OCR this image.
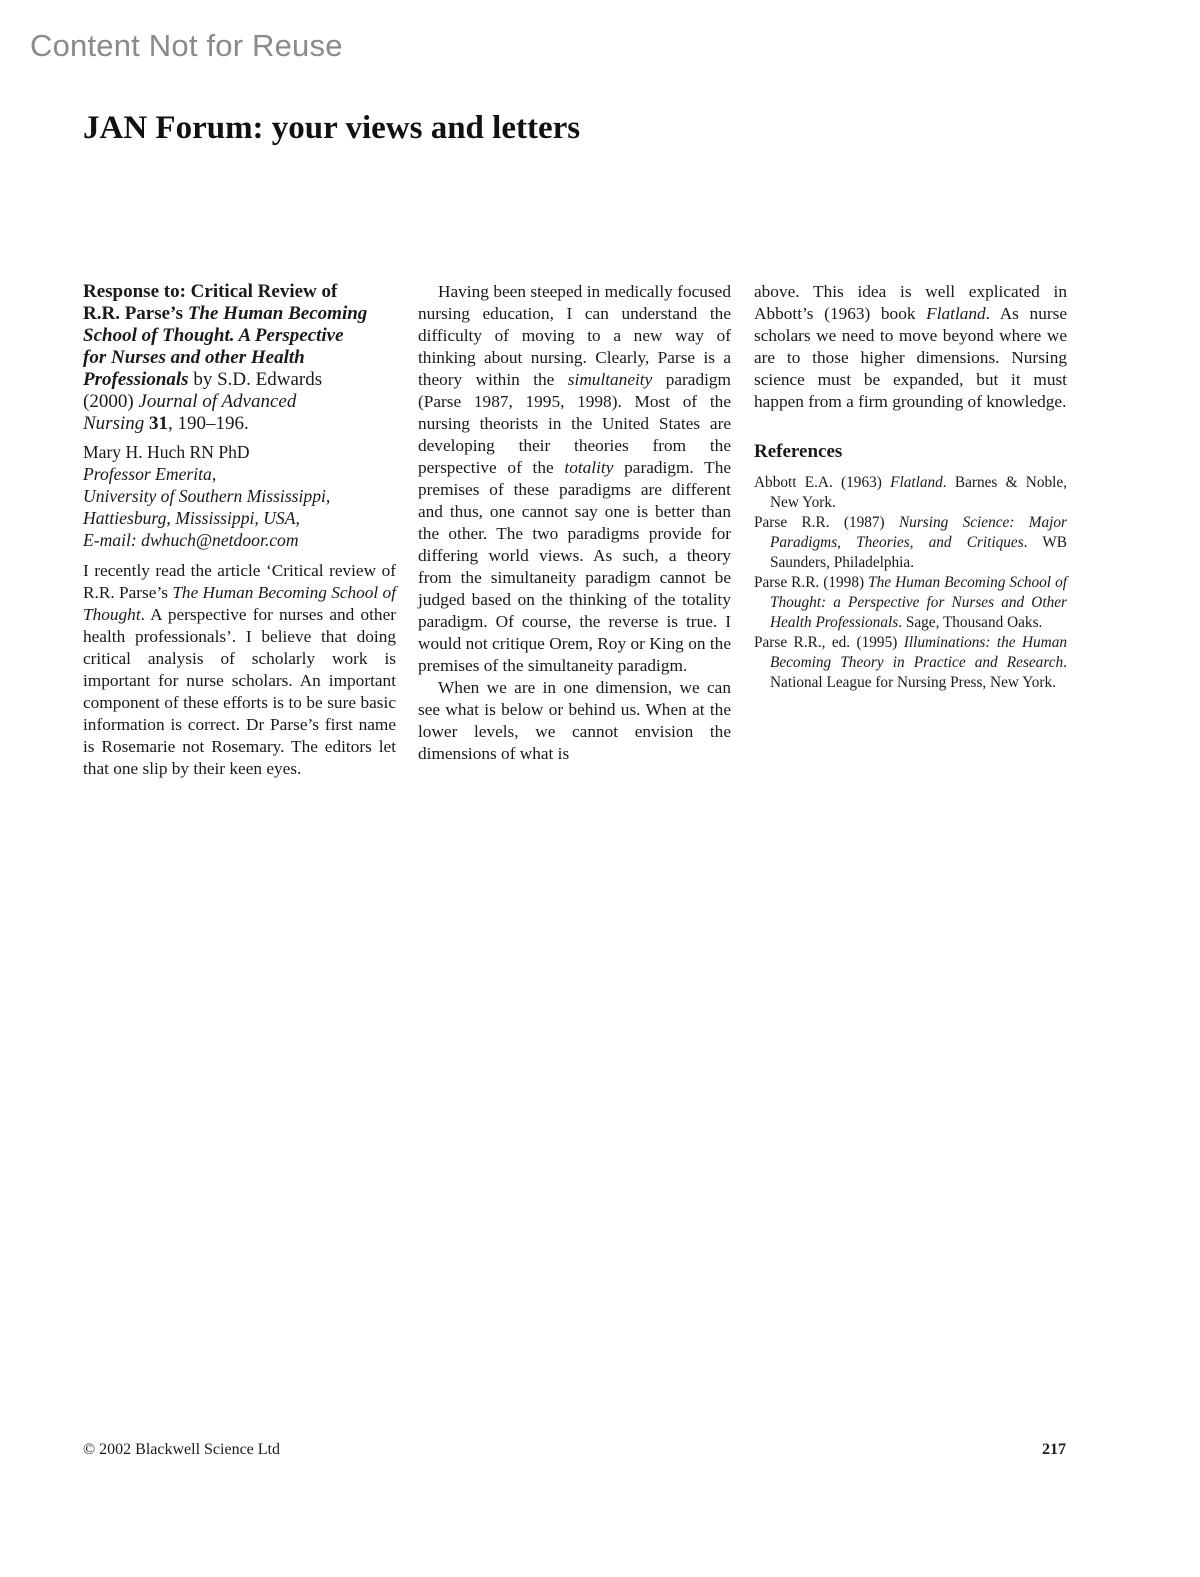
Content Not for Reuse
JAN Forum: your views and letters
Response to: Critical Review of
R.R. Parse’s The Human Becoming
School of Thought. A Perspective
for Nurses and other Health
Professionals by S.D. Edwards
(2000) Journal of Advanced
Nursing 31, 190–196.
Mary H. Huch RN PhD
Professor Emerita,
University of Southern Mississippi,
Hattiesburg, Mississippi, USA,
E-mail: dwhuch@netdoor.com

I recently read the article ‘Critical review of R.R. Parse’s The Human Becoming School of Thought. A perspective for nurses and other health professionals’. I believe that doing critical analysis of scholarly work is important for nurse scholars. An important component of these efforts is to be sure basic information is correct. Dr Parse’s first name is Rosemarie not Rosemary. The editors let that one slip by their keen eyes.

Having been steeped in medically focused nursing education, I can understand the difficulty of moving to a new way of thinking about nursing. Clearly, Parse is a theory within the simultaneity paradigm (Parse 1987, 1995, 1998). Most of the nursing theorists in the United States are developing their theories from the perspective of the totality paradigm. The premises of these paradigms are different and thus, one cannot say one is better than the other. The two paradigms provide for differing world views. As such, a theory from the simultaneity paradigm cannot be judged based on the thinking of the totality paradigm. Of course, the reverse is true. I would not critique Orem, Roy or King on the premises of the simultaneity paradigm.

When we are in one dimension, we can see what is below or behind us. When at the lower levels, we cannot envision the dimensions of what is

above. This idea is well explicated in Abbott’s (1963) book Flatland. As nurse scholars we need to move beyond where we are to those higher dimensions. Nursing science must be expanded, but it must happen from a firm grounding of knowledge.

References
Abbott E.A. (1963) Flatland. Barnes & Noble, New York.
Parse R.R. (1987) Nursing Science: Major Paradigms, Theories, and Critiques. WB Saunders, Philadelphia.
Parse R.R. (1998) The Human Becoming School of Thought: a Perspective for Nurses and Other Health Professionals. Sage, Thousand Oaks.
Parse R.R., ed. (1995) Illuminations: the Human Becoming Theory in Practice and Research. National League for Nursing Press, New York.
© 2002 Blackwell Science Ltd	217
